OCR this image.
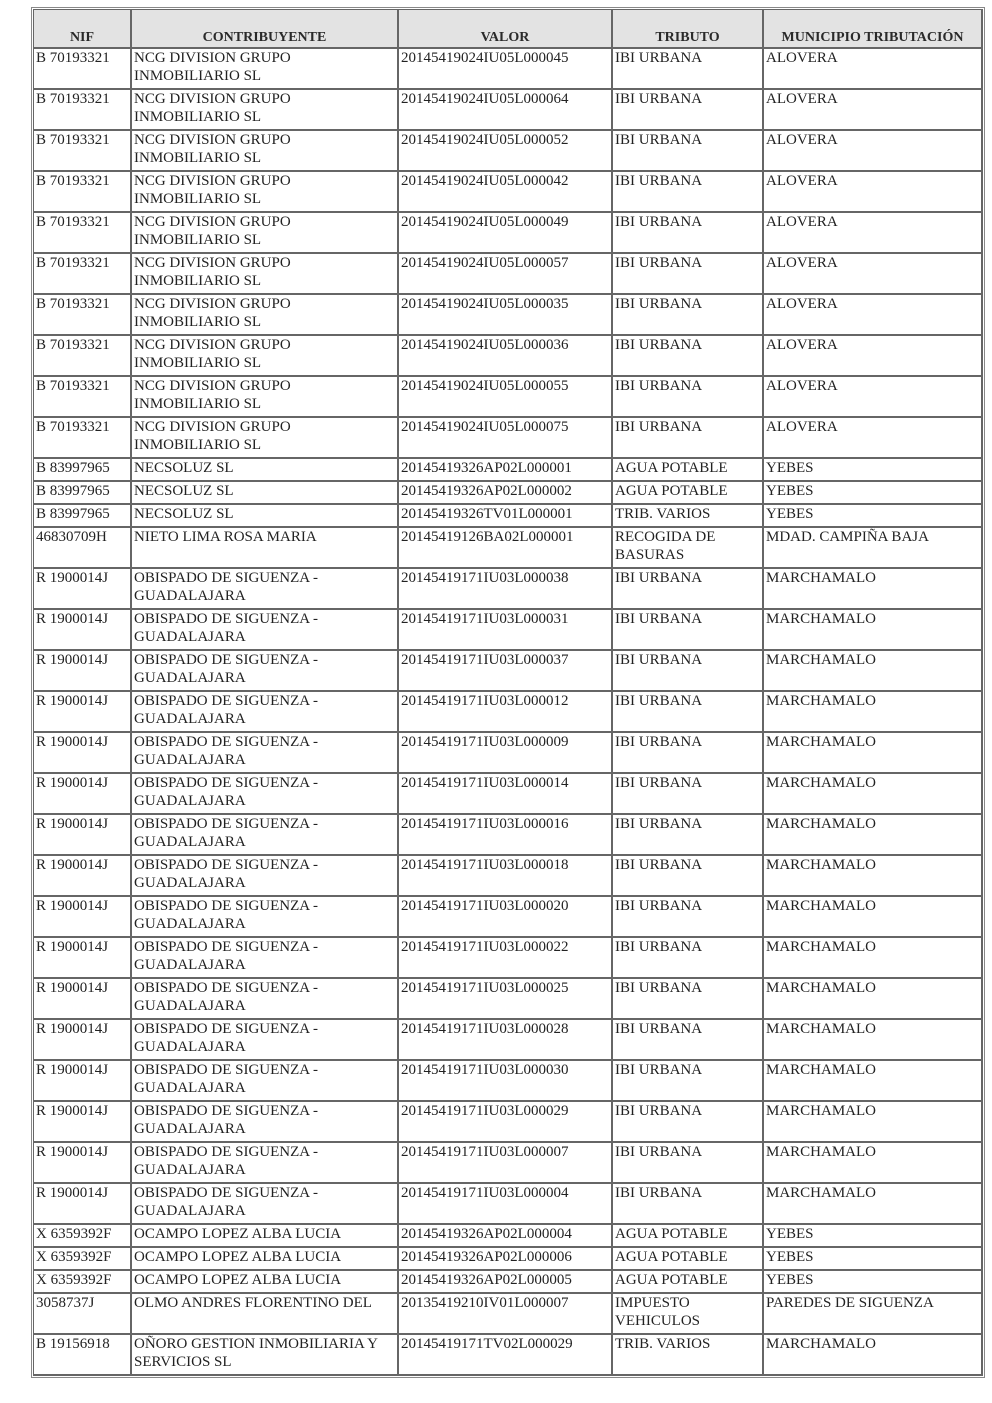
NIF	CONTRIBUYENTE	VALOR	TRIBUTO	MUNICIPIO TRIBUTACIÓN
B 70193321	NCG DIVISION GRUPO INMOBILIARIO SL	20145419024IU05L000045	IBI URBANA	ALOVERA
B 70193321	NCG DIVISION GRUPO INMOBILIARIO SL	20145419024IU05L000064	IBI URBANA	ALOVERA
B 70193321	NCG DIVISION GRUPO INMOBILIARIO SL	20145419024IU05L000052	IBI URBANA	ALOVERA
B 70193321	NCG DIVISION GRUPO INMOBILIARIO SL	20145419024IU05L000042	IBI URBANA	ALOVERA
B 70193321	NCG DIVISION GRUPO INMOBILIARIO SL	20145419024IU05L000049	IBI URBANA	ALOVERA
B 70193321	NCG DIVISION GRUPO INMOBILIARIO SL	20145419024IU05L000057	IBI URBANA	ALOVERA
B 70193321	NCG DIVISION GRUPO INMOBILIARIO SL	20145419024IU05L000035	IBI URBANA	ALOVERA
B 70193321	NCG DIVISION GRUPO INMOBILIARIO SL	20145419024IU05L000036	IBI URBANA	ALOVERA
B 70193321	NCG DIVISION GRUPO INMOBILIARIO SL	20145419024IU05L000055	IBI URBANA	ALOVERA
B 70193321	NCG DIVISION GRUPO INMOBILIARIO SL	20145419024IU05L000075	IBI URBANA	ALOVERA
B 83997965	NECSOLUZ SL	20145419326AP02L000001	AGUA POTABLE	YEBES
B 83997965	NECSOLUZ SL	20145419326AP02L000002	AGUA POTABLE	YEBES
B 83997965	NECSOLUZ SL	20145419326TV01L000001	TRIB. VARIOS	YEBES
46830709H	NIETO LIMA ROSA MARIA	20145419126BA02L000001	RECOGIDA DE BASURAS	MDAD. CAMPIÑA BAJA
R 1900014J	OBISPADO DE SIGUENZA - GUADALAJARA	20145419171IU03L000038	IBI URBANA	MARCHAMALO
R 1900014J	OBISPADO DE SIGUENZA - GUADALAJARA	20145419171IU03L000031	IBI URBANA	MARCHAMALO
R 1900014J	OBISPADO DE SIGUENZA - GUADALAJARA	20145419171IU03L000037	IBI URBANA	MARCHAMALO
R 1900014J	OBISPADO DE SIGUENZA - GUADALAJARA	20145419171IU03L000012	IBI URBANA	MARCHAMALO
R 1900014J	OBISPADO DE SIGUENZA - GUADALAJARA	20145419171IU03L000009	IBI URBANA	MARCHAMALO
R 1900014J	OBISPADO DE SIGUENZA - GUADALAJARA	20145419171IU03L000014	IBI URBANA	MARCHAMALO
R 1900014J	OBISPADO DE SIGUENZA - GUADALAJARA	20145419171IU03L000016	IBI URBANA	MARCHAMALO
R 1900014J	OBISPADO DE SIGUENZA - GUADALAJARA	20145419171IU03L000018	IBI URBANA	MARCHAMALO
R 1900014J	OBISPADO DE SIGUENZA - GUADALAJARA	20145419171IU03L000020	IBI URBANA	MARCHAMALO
R 1900014J	OBISPADO DE SIGUENZA - GUADALAJARA	20145419171IU03L000022	IBI URBANA	MARCHAMALO
R 1900014J	OBISPADO DE SIGUENZA - GUADALAJARA	20145419171IU03L000025	IBI URBANA	MARCHAMALO
R 1900014J	OBISPADO DE SIGUENZA - GUADALAJARA	20145419171IU03L000028	IBI URBANA	MARCHAMALO
R 1900014J	OBISPADO DE SIGUENZA - GUADALAJARA	20145419171IU03L000030	IBI URBANA	MARCHAMALO
R 1900014J	OBISPADO DE SIGUENZA - GUADALAJARA	20145419171IU03L000029	IBI URBANA	MARCHAMALO
R 1900014J	OBISPADO DE SIGUENZA - GUADALAJARA	20145419171IU03L000007	IBI URBANA	MARCHAMALO
R 1900014J	OBISPADO DE SIGUENZA - GUADALAJARA	20145419171IU03L000004	IBI URBANA	MARCHAMALO
X 6359392F	OCAMPO LOPEZ ALBA LUCIA	20145419326AP02L000004	AGUA POTABLE	YEBES
X 6359392F	OCAMPO LOPEZ ALBA LUCIA	20145419326AP02L000006	AGUA POTABLE	YEBES
X 6359392F	OCAMPO LOPEZ ALBA LUCIA	20145419326AP02L000005	AGUA POTABLE	YEBES
3058737J	OLMO ANDRES FLORENTINO DEL	20135419210IV01L000007	IMPUESTO VEHICULOS	PAREDES DE SIGUENZA
B 19156918	OÑORO GESTION INMOBILIARIA Y SERVICIOS SL	20145419171TV02L000029	TRIB. VARIOS	MARCHAMALO
